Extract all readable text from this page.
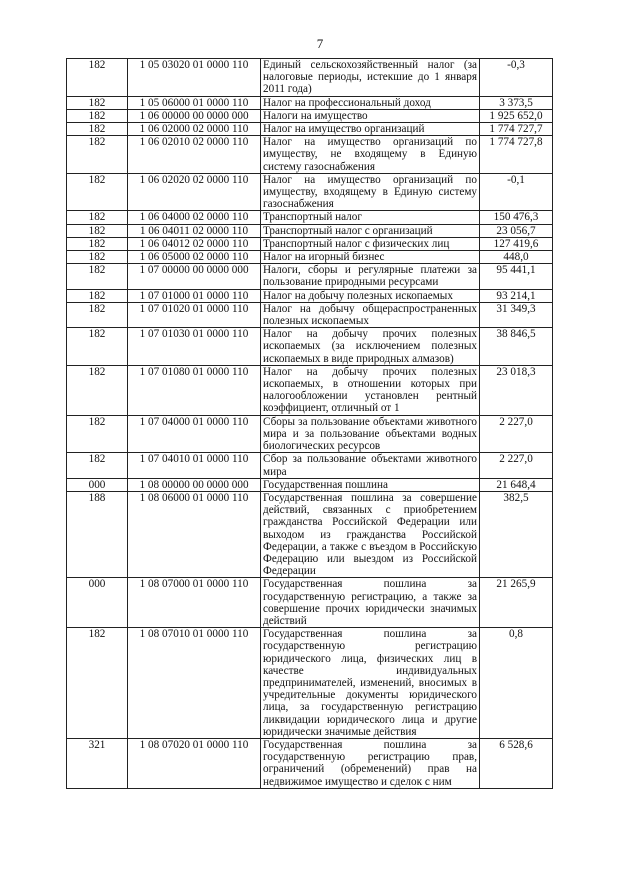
7
182	1 05 03020 01 0000 110	Единый сельскохозяйственный налог (за налоговые периоды, истекшие до 1 января 2011 года)	-0,3
182	1 05 06000 01 0000 110	Налог на профессиональный доход	3 373,5
182	1 06 00000 00 0000 000	Налоги на имущество	1 925 652,0
182	1 06 02000 02 0000 110	Налог на имущество организаций	1 774 727,7
182	1 06 02010 02 0000 110	Налог на имущество организаций по имуществу, не входящему в Единую систему газоснабжения	1 774 727,8
182	1 06 02020 02 0000 110	Налог на имущество организаций по имуществу, входящему в Единую систему газоснабжения	-0,1
182	1 06 04000 02 0000 110	Транспортный налог	150 476,3
182	1 06 04011 02 0000 110	Транспортный налог с организаций	23 056,7
182	1 06 04012 02 0000 110	Транспортный налог с физических лиц	127 419,6
182	1 06 05000 02 0000 110	Налог на игорный бизнес	448,0
182	1 07 00000 00 0000 000	Налоги, сборы и регулярные платежи за пользование природными ресурсами	95 441,1
182	1 07 01000 01 0000 110	Налог на добычу полезных ископаемых	93 214,1
182	1 07 01020 01 0000 110	Налог на добычу общераспространенных полезных ископаемых	31 349,3
182	1 07 01030 01 0000 110	Налог на добычу прочих полезных ископаемых (за исключением полезных ископаемых в виде природных алмазов)	38 846,5
182	1 07 01080 01 0000 110	Налог на добычу прочих полезных ископаемых, в отношении которых при налогообложении установлен рентный коэффициент, отличный от 1	23 018,3
182	1 07 04000 01 0000 110	Сборы за пользование объектами животного мира и за пользование объектами водных биологических ресурсов	2 227,0
182	1 07 04010 01 0000 110	Сбор за пользование объектами животного мира	2 227,0
000	1 08 00000 00 0000 000	Государственная пошлина	21 648,4
188	1 08 06000 01 0000 110	Государственная пошлина за совершение действий, связанных с приобретением гражданства Российской Федерации или выходом из гражданства Российской Федерации, а также с въездом в Российскую Федерацию или выездом из Российской Федерации	382,5
000	1 08 07000 01 0000 110	Государственная пошлина за государственную регистрацию, а также за совершение прочих юридически значимых действий	21 265,9
182	1 08 07010 01 0000 110	Государственная пошлина за государственную регистрацию юридического лица, физических лиц в качестве индивидуальных предпринимателей, изменений, вносимых в учредительные документы юридического лица, за государственную регистрацию ликвидации юридического лица и другие юридически значимые действия	0,8
321	1 08 07020 01 0000 110	Государственная пошлина за государственную регистрацию прав, ограничений (обременений) прав на недвижимое имущество и сделок с ним	6 528,6
